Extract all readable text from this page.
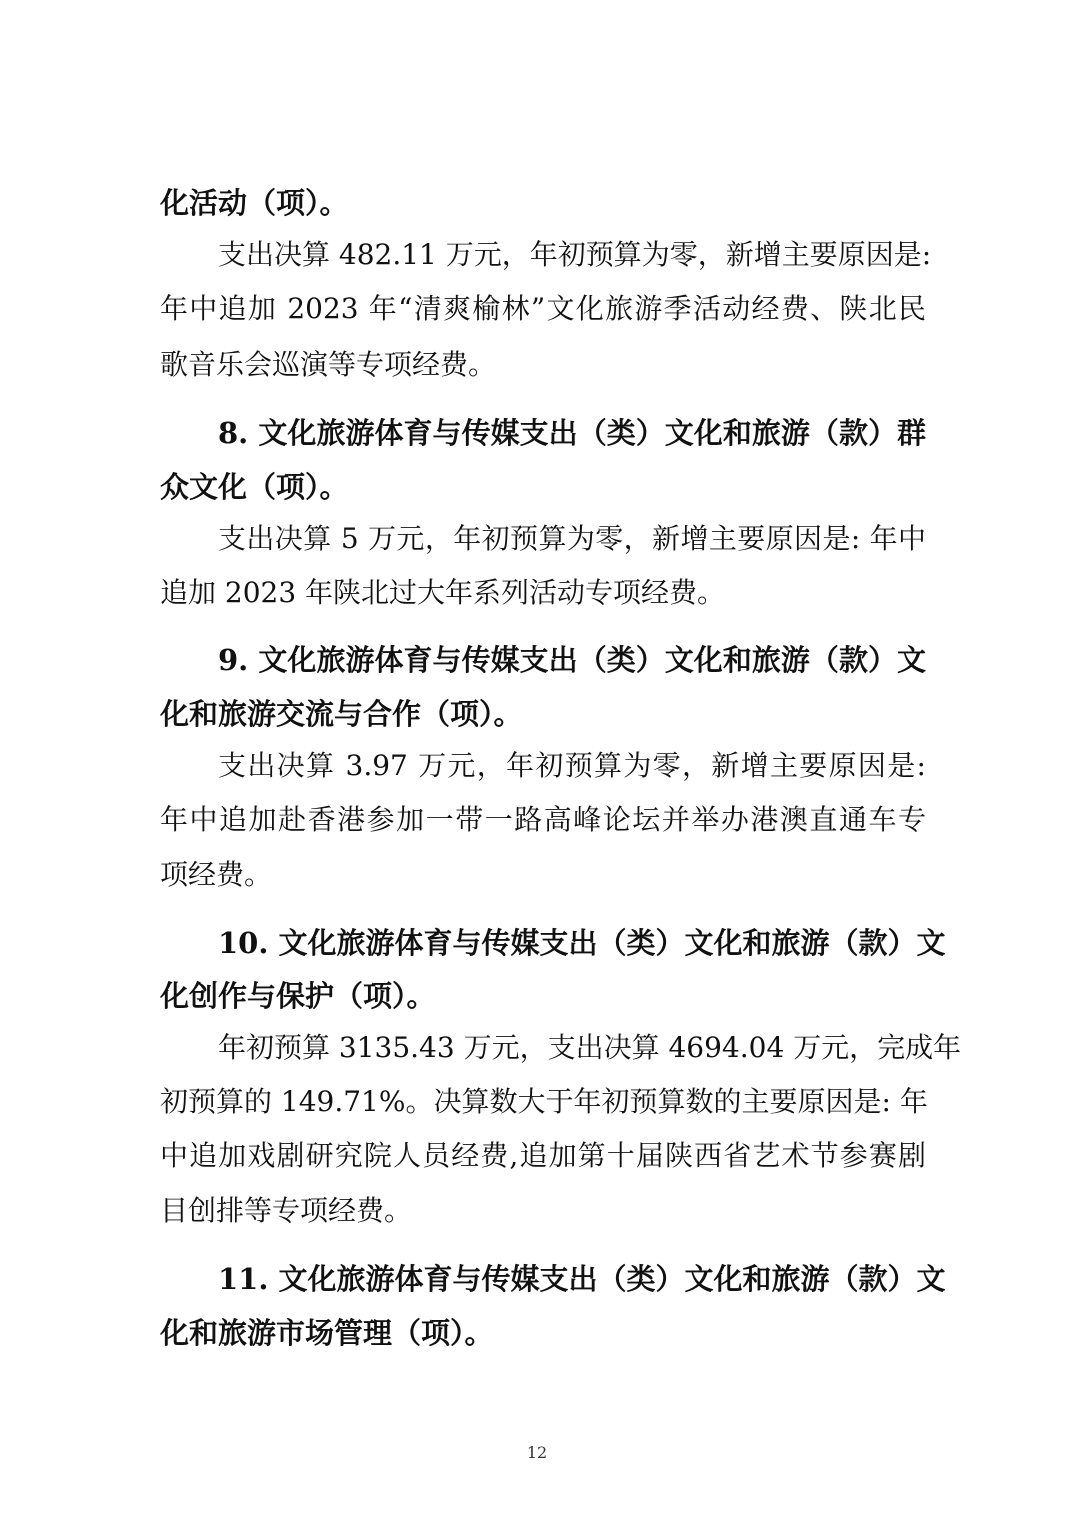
化活动（项）。
支出决算 482.11 万元，年初预算为零，新增主要原因是:
年中追加 2023 年“清爽榆林”文化旅游季活动经费、陕北民
歌音乐会巡演等专项经费。
8. 文化旅游体育与传媒支出（类）文化和旅游（款）群
众文化（项）。
支出决算 5 万元，年初预算为零，新增主要原因是: 年中
追加 2023 年陕北过大年系列活动专项经费。
9. 文化旅游体育与传媒支出（类）文化和旅游（款）文
化和旅游交流与合作（项）。
支出决算 3.97 万元，年初预算为零，新增主要原因是:
年中追加赴香港参加一带一路高峰论坛并举办港澳直通车专
项经费。
10. 文化旅游体育与传媒支出（类）文化和旅游（款）文
化创作与保护（项）。
年初预算 3135.43 万元，支出决算 4694.04 万元，完成年
初预算的 149.71%。决算数大于年初预算数的主要原因是: 年
中追加戏剧研究院人员经费,追加第十届陕西省艺术节参赛剧
目创排等专项经费。
11. 文化旅游体育与传媒支出（类）文化和旅游（款）文
化和旅游市场管理（项）。
12
